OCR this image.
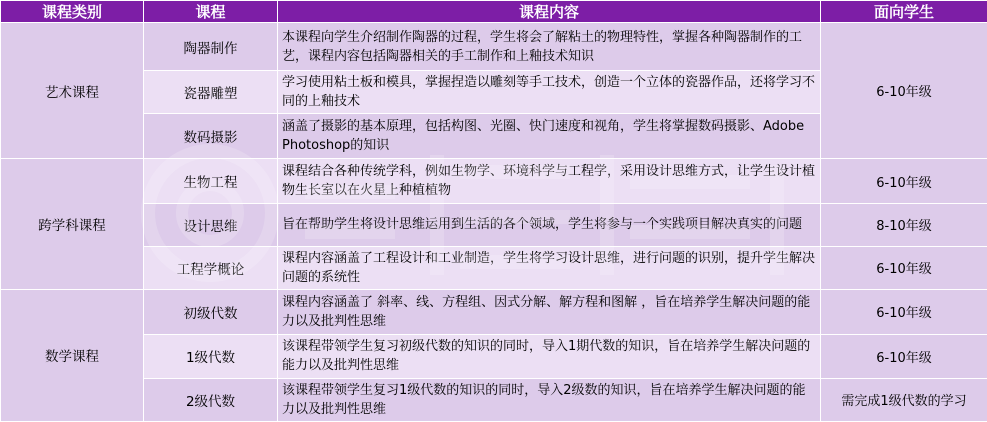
课程类别	课程	课程内容	面向学生
艺术课程	陶器制作	本课程向学生介绍制作陶器的过程，学生将会了解粘土的物理特性，掌握各种陶器制作的工艺，课程内容包括陶器相关的手工制作和上釉技术知识	6-10年级
	瓷器雕塑	学习使用粘土板和模具，掌握捏造以雕刻等手工技术，创造一个立体的瓷器作品，还将学习不同的上釉技术	
	数码摄影	涵盖了摄影的基本原理，包括构图、光圈、快门速度和视角，学生将掌握数码摄影、Adobe Photoshop的知识	
跨学科课程	生物工程	课程结合各种传统学科，例如生物学、环境科学与工程学，采用设计思维方式，让学生设计植物生长室以在火星上种植植物	6-10年级
	设计思维	旨在帮助学生将设计思维运用到生活的各个领域，学生将参与一个实践项目解决真实的问题	8-10年级
	工程学概论	课程内容涵盖了工程设计和工业制造，学生将学习设计思维，进行问题的识别，提升学生解决问题的系统性	6-10年级
数学课程	初级代数	课程内容涵盖了 斜率、线、方程组、因式分解、解方程和图解 ，旨在培养学生解决问题的能力以及批判性思维	6-10年级
	1级代数	该课程带领学生复习初级代数的知识的同时，导入1期代数的知识，旨在培养学生解决问题的能力以及批判性思维	6-10年级
	2级代数	该课程带领学生复习1级代数的知识的同时，导入2级数的知识，旨在培养学生解决问题的能力以及批判性思维	需完成1级代数的学习
